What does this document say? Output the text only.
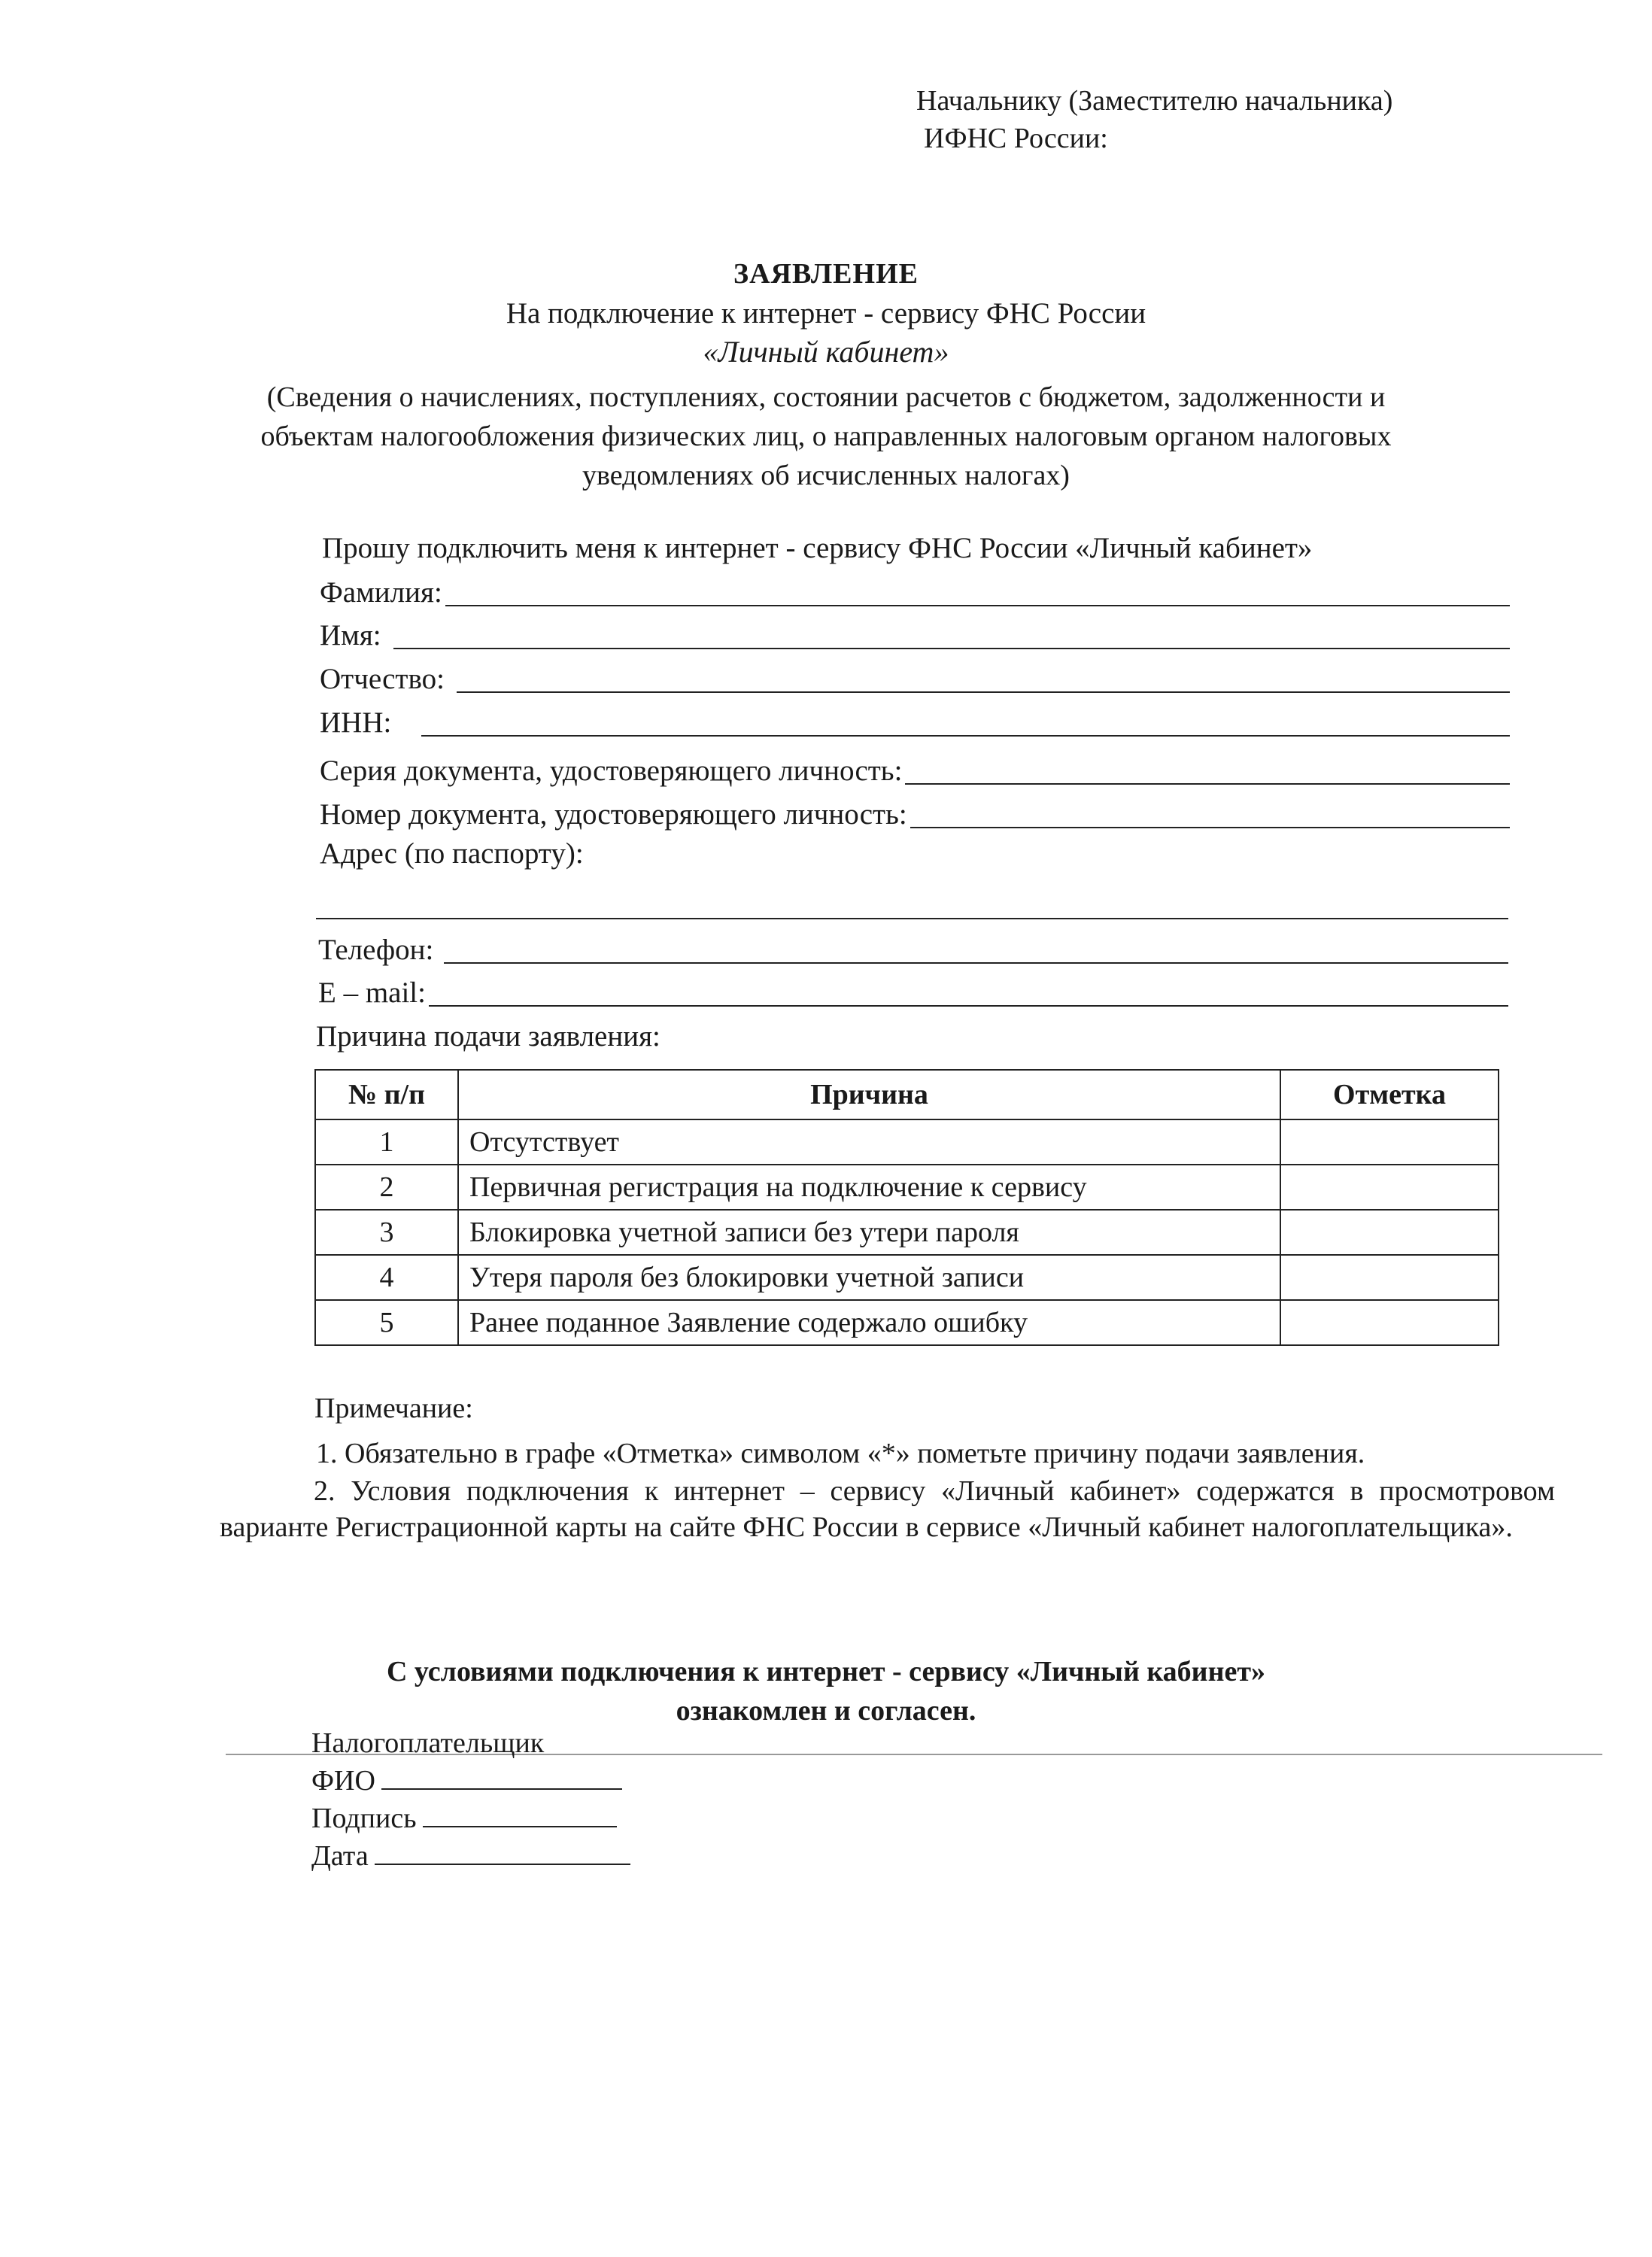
Начальнику (Заместителю начальника)
ИФНС России:
ЗАЯВЛЕНИЕ
На подключение к интернет - сервису ФНС России
«Личный кабинет»
(Сведения о начислениях, поступлениях, состоянии расчетов с бюджетом, задолженности и
объектам налогообложения физических лиц, о направленных налоговым органом налоговых
уведомлениях об исчисленных налогах)
Прошу подключить меня к интернет - сервису ФНС России «Личный кабинет»
Фамилия:
Имя:
Отчество:
ИНН:
Серия документа, удостоверяющего личность:
Номер документа, удостоверяющего личность:
Адрес (по паспорту):
Телефон:
E – mail:
Причина подачи заявления:
№ п/п	Причина	Отметка
1	Отсутствует	
2	Первичная регистрация на подключение к сервису	
3	Блокировка учетной записи без утери пароля	
4	Утеря пароля без блокировки учетной записи	
5	Ранее поданное Заявление содержало ошибку	
Примечание:
1. Обязательно в графе «Отметка» символом «*» пометьте причину подачи заявления.
2. Условия подключения к интернет – сервису «Личный кабинет» содержатся в просмотровом варианте Регистрационной карты на сайте ФНС России в сервисе «Личный кабинет налогоплательщика».
С условиями подключения к интернет - сервису «Личный кабинет»
ознакомлен и согласен.
Налогоплательщик
ФИО
Подпись
Дата
